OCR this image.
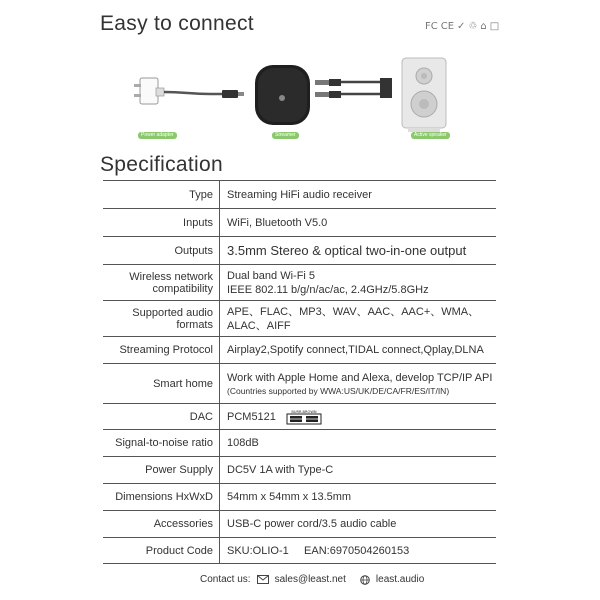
Easy to connect	FC CE ✓ ♲ ⌂ □
Power adapter	Streamer	Active speaker
Specification
Type	Streaming HiFi audio receiver

Inputs	WiFi, Bluetooth V5.0

Outputs	3.5mm Stereo & optical two-in-one output

Wireless network compatibility	Dual band Wi-Fi 5
IEEE 802.11 b/g/n/ac/ac, 2.4GHz/5.8GHz

Supported audio formats	APE、FLAC、MP3、WAV、AAC、AAC+、WMA、
ALAC、AIFF

Streaming Protocol	Airplay2,Spotify connect,TIDAL connect,Qplay,DLNA

Smart home	Work with Apple Home and Alexa, develop TCP/IP API
(Countries supported by WWA:US/UK/DE/CA/FR/ES/IT/IN)

DAC	PCM5121 BURR-BROWN

Signal-to-noise ratio	108dB

Power Supply	DC5V 1A with Type-C

Dimensions HxWxD	54mm x 54mm x 13.5mm

Accessories	USB-C power cord/3.5 audio cable

Product Code	SKU:OLIO-1     EAN:6970504260153
Contact us: sales@least.net	least.audio
